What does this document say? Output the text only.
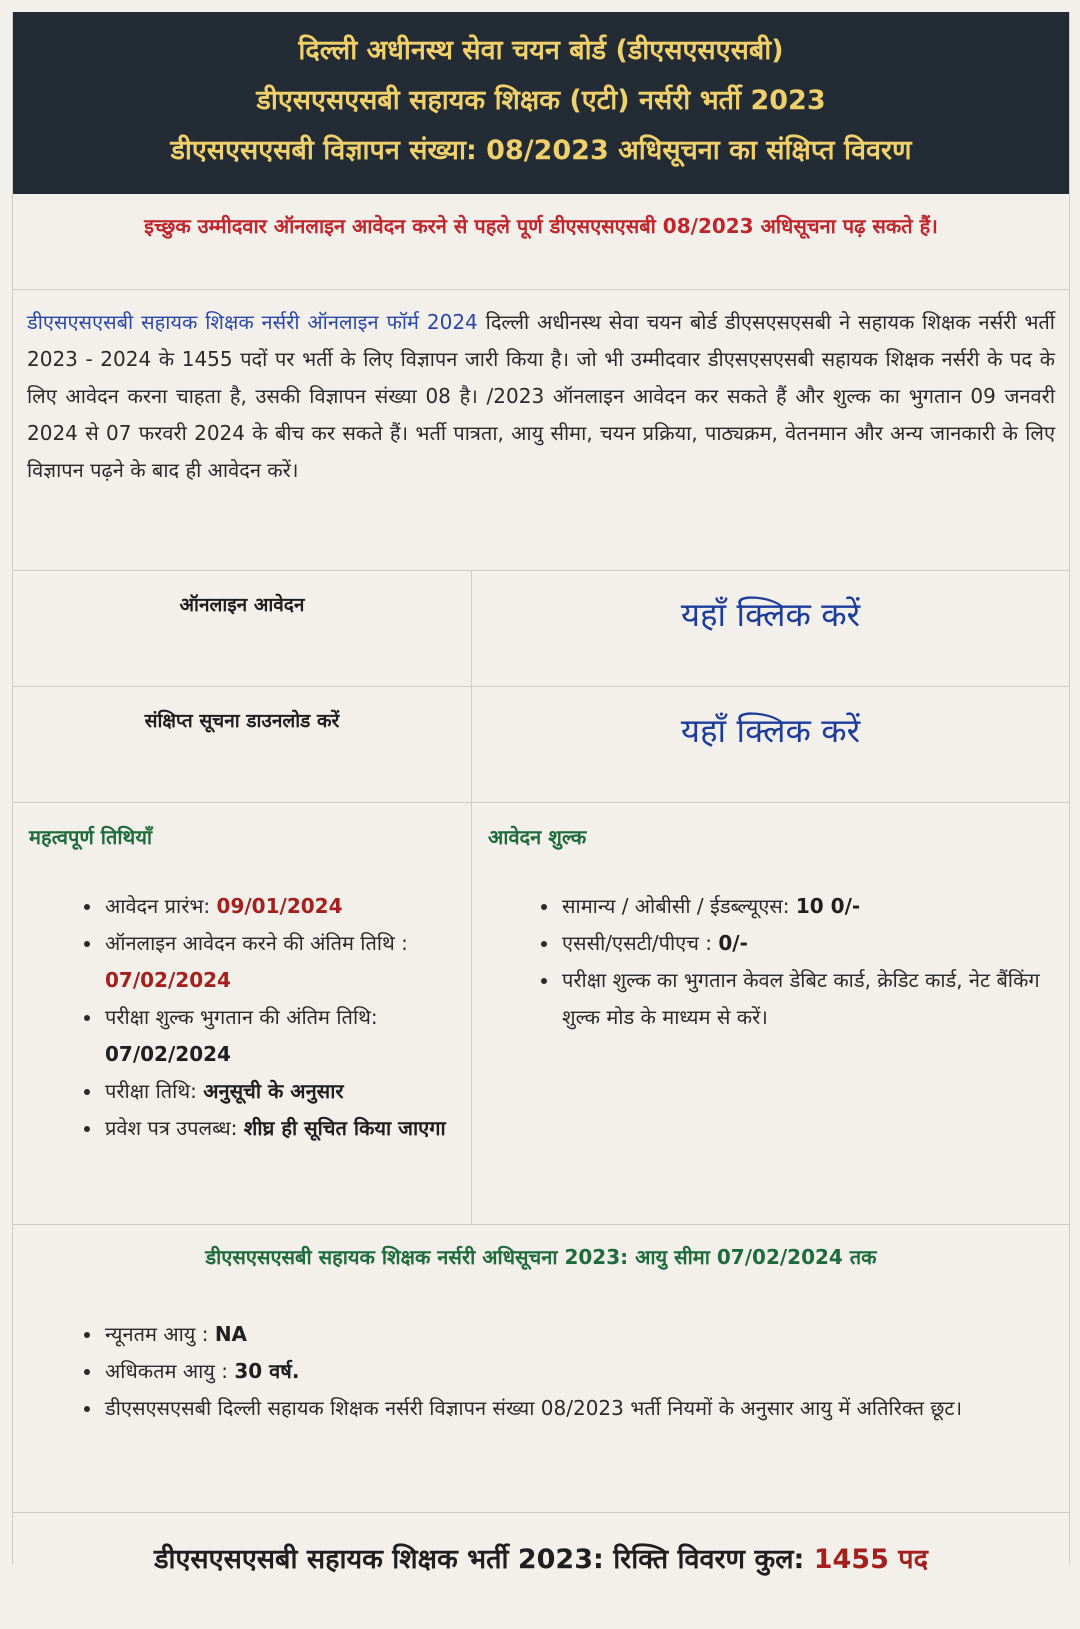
दिल्ली अधीनस्थ सेवा चयन बोर्ड (डीएसएसएसबी)
डीएसएसएसबी सहायक शिक्षक (एटी) नर्सरी भर्ती 2023
डीएसएसएसबी विज्ञापन संख्या: 08/2023 अधिसूचना का संक्षिप्त विवरण
इच्छुक उम्मीदवार ऑनलाइन आवेदन करने से पहले पूर्ण डीएसएसएसबी 08/2023 अधिसूचना पढ़ सकते हैं।

डीएसएसएसबी सहायक शिक्षक नर्सरी ऑनलाइन फॉर्म 2024 दिल्ली अधीनस्थ सेवा चयन बोर्ड डीएसएसएसबी ने सहायक शिक्षक नर्सरी भर्ती 2023 - 2024 के 1455 पदों पर भर्ती के लिए विज्ञापन जारी किया है। जो भी उम्मीदवार डीएसएसएसबी सहायक शिक्षक नर्सरी के पद के लिए आवेदन करना चाहता है, उसकी विज्ञापन संख्या 08 है। /2023 ऑनलाइन आवेदन कर सकते हैं और शुल्क का भुगतान 09 जनवरी 2024 से 07 फरवरी 2024 के बीच कर सकते हैं। भर्ती पात्रता, आयु सीमा, चयन प्रक्रिया, पाठ्यक्रम, वेतनमान और अन्य जानकारी के लिए विज्ञापन पढ़ने के बाद ही आवेदन करें।

ऑनलाइन आवेदन	यहाँ क्लिक करें
संक्षिप्त सूचना डाउनलोड करें	यहाँ क्लिक करें
महत्वपूर्ण तिथियाँ
• आवेदन प्रारंभ: 09/01/2024
• ऑनलाइन आवेदन करने की अंतिम तिथि : 07/02/2024
• परीक्षा शुल्क भुगतान की अंतिम तिथि: 07/02/2024
• परीक्षा तिथि: अनुसूची के अनुसार
• प्रवेश पत्र उपलब्ध: शीघ्र ही सूचित किया जाएगा
आवेदन शुल्क
• सामान्य / ओबीसी / ईडब्ल्यूएस: 10 0/-
• एससी/एसटी/पीएच : 0/-
• परीक्षा शुल्क का भुगतान केवल डेबिट कार्ड, क्रेडिट कार्ड, नेट बैंकिंग शुल्क मोड के माध्यम से करें।
डीएसएसएसबी सहायक शिक्षक नर्सरी अधिसूचना 2023: आयु सीमा 07/02/2024 तक
• न्यूनतम आयु : NA
• अधिकतम आयु : 30 वर्ष.
• डीएसएसएसबी दिल्ली सहायक शिक्षक नर्सरी विज्ञापन संख्या 08/2023 भर्ती नियमों के अनुसार आयु में अतिरिक्त छूट।
डीएसएसएसबी सहायक शिक्षक भर्ती 2023: रिक्ति विवरण कुल: 1455 पद
